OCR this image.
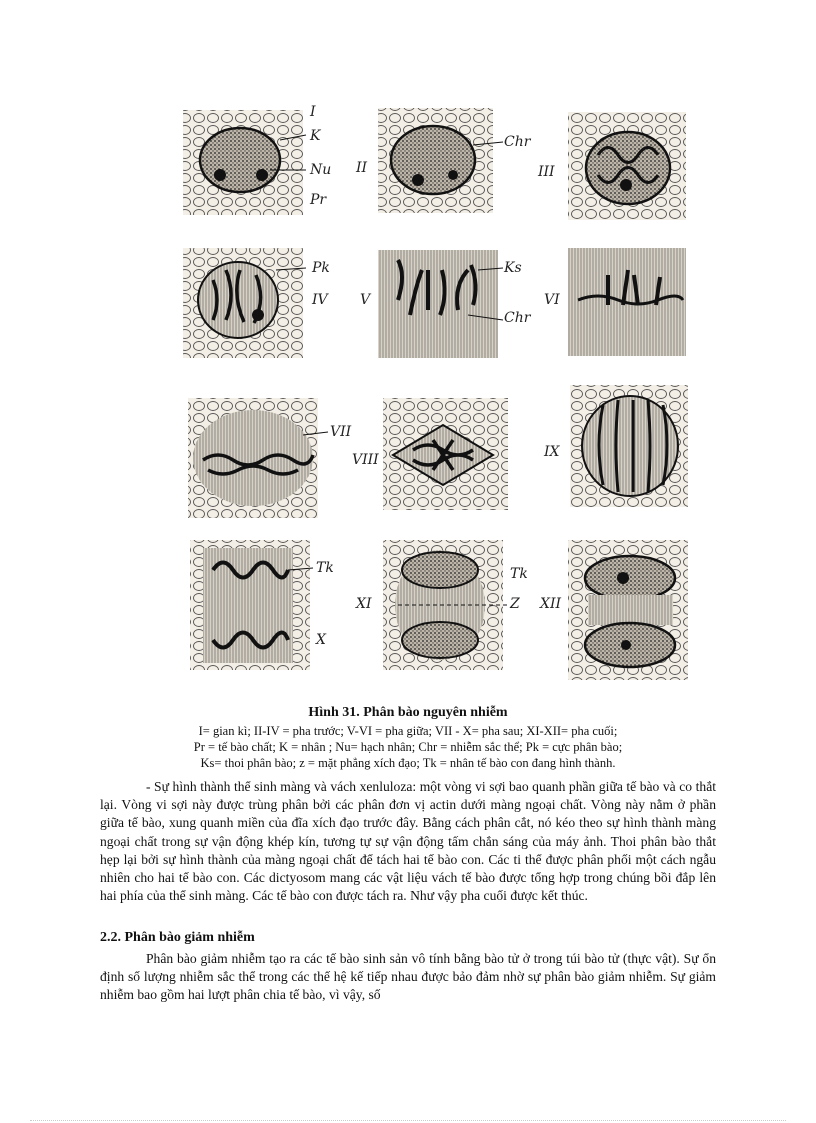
I
K
Nu
Pr
II
Chr
III
Pk
IV V
Ks
Chr
VI
VII
VIII	IX
Tk
X
XI
Tk
Z XII
Hình 31. Phân bào nguyên nhiễm
I= gian kì; II-IV = pha trước; V-VI = pha giữa; VII - X= pha sau; XI-XII= pha cuối;
Pr = tế bào chất; K = nhân ; Nu= hạch nhân; Chr = nhiễm sắc thể; Pk = cực phân bào;
Ks= thoi phân bào; z = mặt phẳng xích đạo; Tk = nhân tế bào con đang hình thành.

- Sự hình thành thể sinh màng và vách xenluloza: một vòng vi sợi bao quanh phần giữa tế bào và co thắt lại. Vòng vi sợi này được trùng phân bởi các phân đơn vị actin dưới màng ngoại chất. Vòng này nằm ở phần giữa tế bào, xung quanh miền của đĩa xích đạo trước đây. Bằng cách phân cắt, nó kéo theo sự hình thành màng ngoại chất trong sự vận động khép kín, tương tự sự vận động tấm chắn sáng của máy ảnh. Thoi phân bào thắt hẹp lại bởi sự hình thành của màng ngoại chất để tách hai tế bào con. Các ti thể được phân phối một cách ngẫu nhiên cho hai tế bào con. Các dictyosom mang các vật liệu vách tế bào được tổng hợp trong chúng bồi đắp lên hai phía của thể sinh màng. Các tế bào con được tách ra. Như vậy pha cuối được kết thúc.

2.2. Phân bào giảm nhiễm

Phân bào giảm nhiễm tạo ra các tế bào sinh sản vô tính bằng bào tử ở trong túi bào tử (thực vật). Sự ổn định số lượng nhiễm sắc thể trong các thế hệ kế tiếp nhau được bảo đảm nhờ sự phân bào giảm nhiễm. Sự giảm nhiễm bao gồm hai lượt phân chia tế bào, vì vậy, số
